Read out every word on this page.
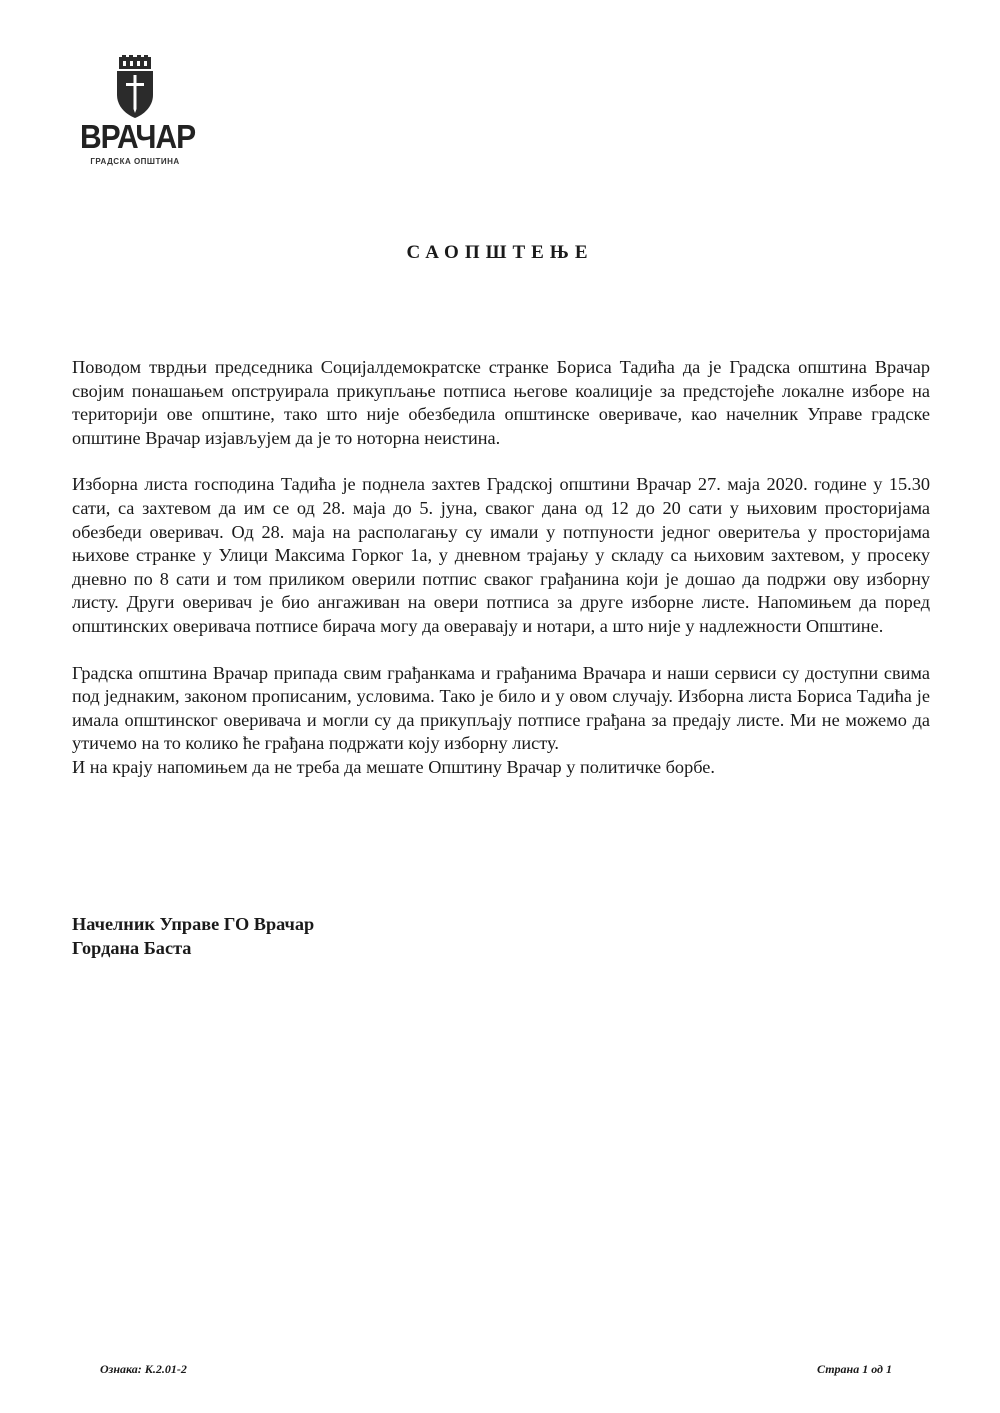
ВРАЧАР
ГРАДСКА ОПШТИНА
САОПШТЕЊЕ

Поводом тврдњи председника Социјалдемократске странке Бориса Тадића да је Градска општина Врачар својим понашањем опструирала прикупљање потписа његове коалиције за предстојеће локалне изборе на територији ове општине, тако што није обезбедила општинске оверивaче, као начелник Управе градске општине Врачар изјављујем да је то нотoрна неистина.

Изборна листа господина Тадића је поднела захтев Градској општини Врачар 27. маја 2020. године у 15.30 сати, са захтевом да им се од 28. маја до 5. јуна, сваког дана од 12 до 20 сати у њиховим просторијама обезбеди оверивач. Од 28. маја на располагању су имали у потпуности једног оверитеља у просторијама њихове странке у Улици Максима Горког 1а, у дневном трајању у складу са њиховим захтевом, у просеку дневно по 8 сати и том приликом оверили потпис сваког грађанина који је дошао да подржи ову изборну листу. Други оверивач је био ангаживан на овери потписа за друге изборне листе. Напомињем да поред општинских оверивача потписе бирача могу да оверавају и нотари, а што није у надлежности Општине.

Градска општина Врачар припада свим грађанкама и грађанима Врачара и наши сервиси су доступни свима под једнаким, законом прописаним, условима. Тако је било и у овом случају. Изборна листа Бориса Тадића је имала општинског оверивача и могли су да прикупљају потписе грађана за предају листе. Ми не можемо да утичемо на то колико ће грађана подржати коју изборну листу.

И на крају напомињем да не треба да мешате Општину Врачар у политичке борбе.

Начелник Управе ГО Врачар
Гордана Баста
Ознака: К.2.01-2	Страна 1 од 1
